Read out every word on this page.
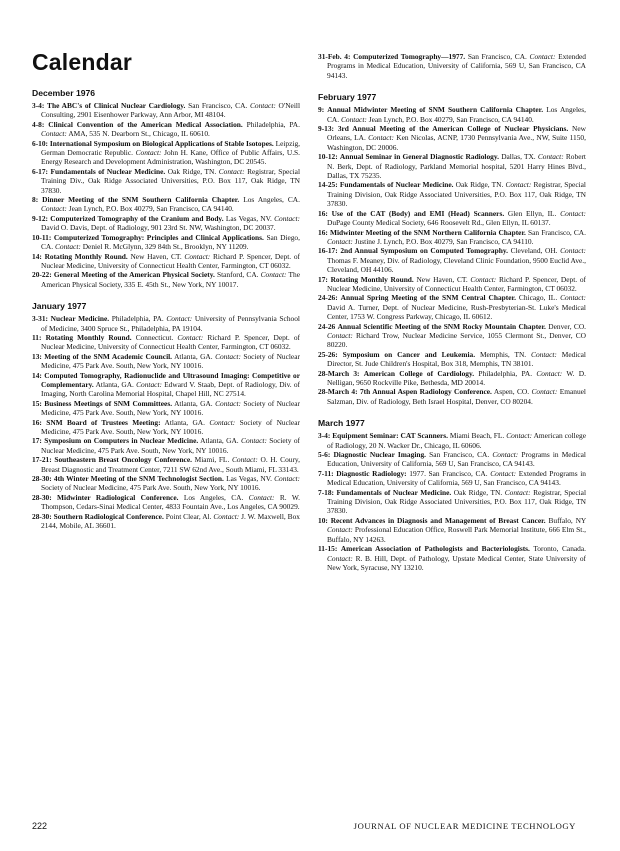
Calendar
December 1976

3-4: The ABC's of Clinical Nuclear Cardiology. San Francisco, CA. Contact: O'Neill Consulting, 2901 Eisenhower Parkway, Ann Arbor, MI 48104.

4-8: Clinical Convention of the American Medical Association. Philadelphia, PA. Contact: AMA, 535 N. Dearborn St., Chicago, IL 60610.

6-10: International Symposium on Biological Applications of Stable Isotopes. Leipzig, German Democratic Republic. Contact: John H. Kane, Office of Public Affairs, U.S. Energy Research and Development Administration, Washington, DC 20545.

6-17: Fundamentals of Nuclear Medicine. Oak Ridge, TN. Contact: Registrar, Special Training Div., Oak Ridge Associated Universities, P.O. Box 117, Oak Ridge, TN 37830.

8: Dinner Meeting of the SNM Southern California Chapter. Los Angeles, CA. Contact: Jean Lynch, P.O. Box 40279, San Francisco, CA 94140.

9-12: Computerized Tomography of the Cranium and Body. Las Vegas, NV. Contact: David O. Davis, Dept. of Radiology, 901 23rd St. NW, Washington, DC 20037.

10-11: Computerized Tomography: Principles and Clinical Applications. San Diego, CA. Contact: Deniel R. McGlynn, 329 84th St., Brooklyn, NY 11209.

14: Rotating Monthly Round. New Haven, CT. Contact: Richard P. Spencer, Dept. of Nuclear Medicine, University of Connecticut Health Center, Farmington, CT 06032.

20-22: General Meeting of the American Physical Society. Stanford, CA. Contact: The American Physical Society, 335 E. 45th St., New York, NY 10017.

January 1977

3-31: Nuclear Medicine. Philadelphia, PA. Contact: University of Pennsylvania School of Medicine, 3400 Spruce St., Philadelphia, PA 19104.

11: Rotating Monthly Round. Connecticut. Contact: Richard P. Spencer, Dept. of Nuclear Medicine, University of Connecticut Health Center, Farmington, CT 06032.

13: Meeting of the SNM Academic Council. Atlanta, GA. Contact: Society of Nuclear Medicine, 475 Park Ave. South, New York, NY 10016.

14: Computed Tomography, Radionuclide and Ultrasound Imaging: Competitive or Complementary. Atlanta, GA. Contact: Edward V. Staab, Dept. of Radiology, Div. of Imaging, North Carolina Memorial Hospital, Chapel Hill, NC 27514.

15: Business Meetings of SNM Committees. Atlanta, GA. Contact: Society of Nuclear Medicine, 475 Park Ave. South, New York, NY 10016.

16: SNM Board of Trustees Meeting: Atlanta, GA. Contact: Society of Nuclear Medicine, 475 Park Ave. South, New York, NY 10016.

17: Symposium on Computers in Nuclear Medicine. Atlanta, GA. Contact: Society of Nuclear Medicine, 475 Park Ave. South, New York, NY 10016.

17-21: Southeastern Breast Oncology Conference. Miami, FL. Contact: O. H. Coury, Breast Diagnostic and Treatment Center, 7211 SW 62nd Ave., South Miami, FL 33143.

28-30: 4th Winter Meeting of the SNM Technologist Section. Las Vegas, NV. Contact: Society of Nuclear Medicine, 475 Park Ave. South, New York, NY 10016.

28-30: Midwinter Radiological Conference. Los Angeles, CA. Contact: R. W. Thompson, Cedars-Sinai Medical Center, 4833 Fountain Ave., Los Angeles, CA 90029.

28-30: Southern Radiological Conference. Point Clear, Al. Contact: J. W. Maxwell, Box 2144, Mobile, AL 36601.

31-Feb. 4: Computerized Tomography—1977. San Francisco, CA. Contact: Extended Programs in Medical Education, University of California, 569 U, San Francisco, CA 94143.

February 1977

9: Annual Midwinter Meeting of SNM Southern California Chapter. Los Angeles, CA. Contact: Jean Lynch, P.O. Box 40279, San Francisco, CA 94140.

9-13: 3rd Annual Meeting of the American College of Nuclear Physicians. New Orleans, LA. Contact: Ken Nicolas, ACNP, 1730 Pennsylvania Ave., NW, Suite 1150, Washington, DC 20006.

10-12: Annual Seminar in General Diagnostic Radiology. Dallas, TX. Contact: Robert N. Berk, Dept. of Radiology, Parkland Memorial hospital, 5201 Harry Hines Blvd., Dallas, TX 75235.

14-25: Fundamentals of Nuclear Medicine. Oak Ridge, TN. Contact: Registrar, Special Training Division, Oak Ridge Associated Universities, P.O. Box 117, Oak Ridge, TN 37830.

16: Use of the CAT (Body) and EMI (Head) Scanners. Glen Ellyn, IL. Contact: DuPage County Medical Society, 646 Roosevelt Rd., Glen Ellyn, IL 60137.

16: Midwinter Meeting of the SNM Northern California Chapter. San Francisco, CA. Contact: Justine J. Lynch, P.O. Box 40279, San Francisco, CA 94110.

16-17: 2nd Annual Symposium on Computed Tomography. Cleveland, OH. Contact: Thomas F. Meaney, Div. of Radiology, Cleveland Clinic Foundation, 9500 Euclid Ave., Cleveland, OH 44106.

17: Rotating Monthly Round. New Haven, CT. Contact: Richard P. Spencer, Dept. of Nuclear Medicine, University of Connecticut Health Center, Farmington, CT 06032.

24-26: Annual Spring Meeting of the SNM Central Chapter. Chicago, IL. Contact: David A. Turner, Dept. of Nuclear Medicine, Rush-Presbyterian-St. Luke's Medical Center, 1753 W. Congress Parkway, Chicago, IL 60612.

24-26 Annual Scientific Meeting of the SNM Rocky Mountain Chapter. Denver, CO. Contact: Richard Trow, Nuclear Medicine Service, 1055 Clermont St., Denver, CO 80220.

25-26: Symposium on Cancer and Leukemia. Memphis, TN. Contact: Medical Director, St. Jude Children's Hospital, Box 318, Memphis, TN 38101.

28-March 3: American College of Cardiology. Philadelphia, PA. Contact: W. D. Nelligan, 9650 Rockville Pike, Bethesda, MD 20014.

28-March 4: 7th Annual Aspen Radiology Conference. Aspen, CO. Contact: Emanuel Salzman, Div. of Radiology, Beth Israel Hospital, Denver, CO 80204.

March 1977

3-4: Equipment Seminar: CAT Scanners. Miami Beach, FL. Contact: American college of Radiology, 20 N. Wacker Dr., Chicago, IL 60606.

5-6: Diagnostic Nuclear Imaging. San Francisco, CA. Contact: Programs in Medical Education, University of California, 569 U, San Francisco, CA 94143.

7-11: Diagnostic Radiology: 1977. San Francisco, CA. Contact: Extended Programs in Medical Education, University of California, 569 U, San Francisco, CA 94143.

7-18: Fundamentals of Nuclear Medicine. Oak Ridge, TN. Contact: Registrar, Special Training Division, Oak Ridge Associated Universities, P.O. Box 117, Oak Ridge, TN 37830.

10: Recent Advances in Diagnosis and Management of Breast Cancer. Buffalo, NY Contact: Professional Education Office, Roswell Park Memorial Institute, 666 Elm St., Buffalo, NY 14263.

11-15: American Association of Pathologists and Bacteriologists. Toronto, Canada. Contact: R. B. Hill, Dept. of Pathology, Upstate Medical Center, State University of New York, Syracuse, NY 13210.

222	JOURNAL OF NUCLEAR MEDICINE TECHNOLOGY
